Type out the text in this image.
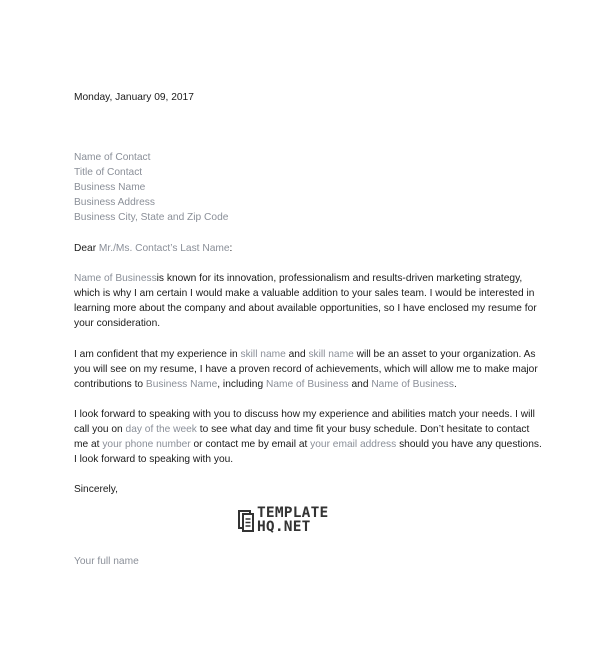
Monday, January 09, 2017
Name of Contact
Title of Contact
Business Name
Business Address
Business City, State and Zip Code
Dear Mr./Ms. Contact’s Last Name:
Name of Businessis known for its innovation, professionalism and results-driven marketing strategy,
which is why I am certain I would make a valuable addition to your sales team. I would be interested in
learning more about the company and about available opportunities, so I have enclosed my resume for
your consideration.
I am confident that my experience in skill name and skill name will be an asset to your organization. As
you will see on my resume, I have a proven record of achievements, which will allow me to make major
contributions to Business Name, including Name of Business and Name of Business.
I look forward to speaking with you to discuss how my experience and abilities match your needs. I will
call you on day of the week to see what day and time fit your busy schedule. Don’t hesitate to contact
me at your phone number or contact me by email at your email address should you have any questions.
I look forward to speaking with you.
Sincerely,
TEMPLATE
HQ.NET
Your full name
